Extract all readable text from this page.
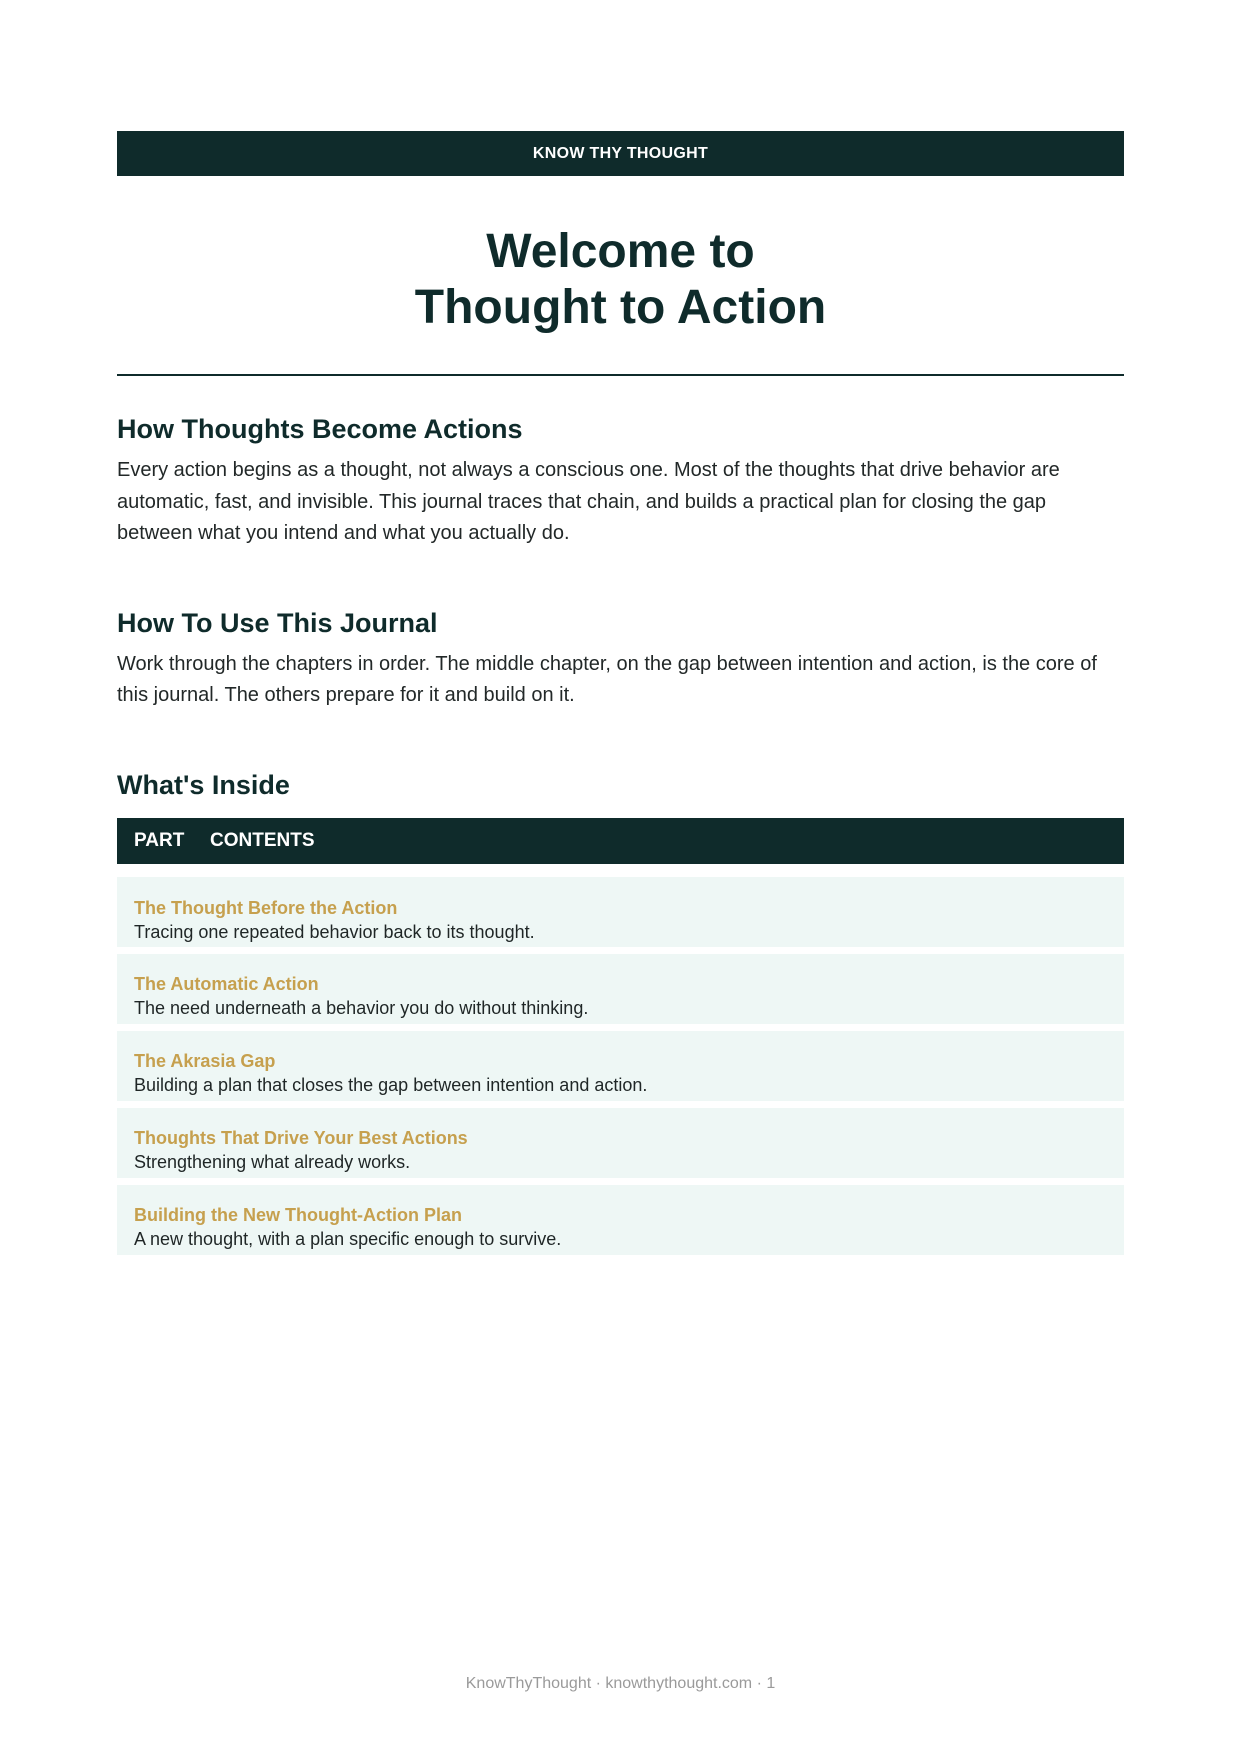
KNOW THY THOUGHT
Welcome to
Thought to Action
How Thoughts Become Actions

Every action begins as a thought, not always a conscious one. Most of the thoughts that drive behavior are automatic, fast, and invisible. This journal traces that chain, and builds a practical plan for closing the gap between what you intend and what you actually do.

How To Use This Journal

Work through the chapters in order. The middle chapter, on the gap between intention and action, is the core of this journal. The others prepare for it and build on it.

What's Inside
PART	CONTENTS
The Thought Before the Action
Tracing one repeated behavior back to its thought.
The Automatic Action
The need underneath a behavior you do without thinking.
The Akrasia Gap
Building a plan that closes the gap between intention and action.
Thoughts That Drive Your Best Actions
Strengthening what already works.
Building the New Thought-Action Plan
A new thought, with a plan specific enough to survive.
KnowThyThought · knowthythought.com · 1
